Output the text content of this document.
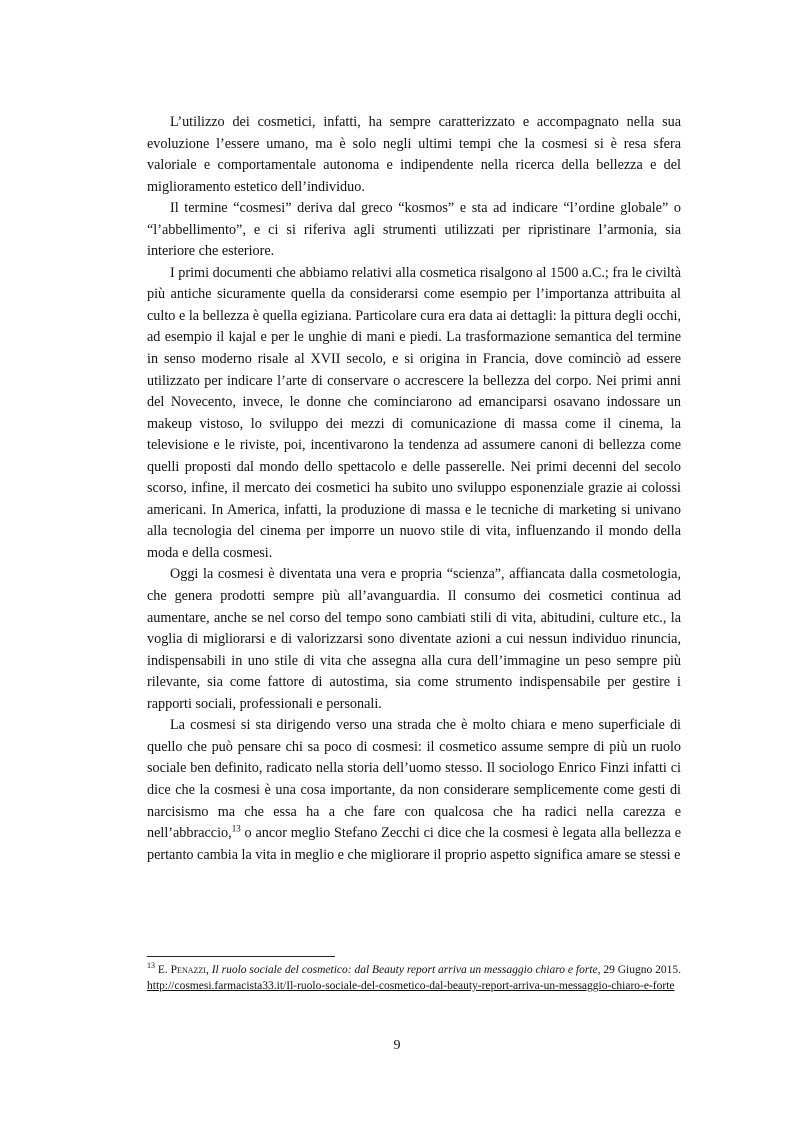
L’utilizzo dei cosmetici, infatti, ha sempre caratterizzato e accompagnato nella sua evoluzione l’essere umano, ma è solo negli ultimi tempi che la cosmesi si è resa sfera valoriale e comportamentale autonoma e indipendente nella ricerca della bellezza e del miglioramento estetico dell’individuo.

Il termine “cosmesi” deriva dal greco “kosmos” e sta ad indicare “l’ordine globale” o “l’abbellimento”, e ci si riferiva agli strumenti utilizzati per ripristinare l’armonia, sia interiore che esteriore.

I primi documenti che abbiamo relativi alla cosmetica risalgono al 1500 a.C.; fra le civiltà più antiche sicuramente quella da considerarsi come esempio per l’importanza attribuita al culto e la bellezza è quella egiziana. Particolare cura era data ai dettagli: la pittura degli occhi, ad esempio il kajal e per le unghie di mani e piedi. La trasformazione semantica del termine in senso moderno risale al XVII secolo, e si origina in Francia, dove cominciò ad essere utilizzato per indicare l’arte di conservare o accrescere la bellezza del corpo. Nei primi anni del Novecento, invece, le donne che cominciarono ad emanciparsi osavano indossare un makeup vistoso, lo sviluppo dei mezzi di comunicazione di massa come il cinema, la televisione e le riviste, poi, incentivarono la tendenza ad assumere canoni di bellezza come quelli proposti dal mondo dello spettacolo e delle passerelle. Nei primi decenni del secolo scorso, infine, il mercato dei cosmetici ha subito uno sviluppo esponenziale grazie ai colossi americani. In America, infatti, la produzione di massa e le tecniche di marketing si univano alla tecnologia del cinema per imporre un nuovo stile di vita, influenzando il mondo della moda e della cosmesi.

Oggi la cosmesi è diventata una vera e propria “scienza”, affiancata dalla cosmetologia, che genera prodotti sempre più all’avanguardia. Il consumo dei cosmetici continua ad aumentare, anche se nel corso del tempo sono cambiati stili di vita, abitudini, culture etc., la voglia di migliorarsi e di valorizzarsi sono diventate azioni a cui nessun individuo rinuncia, indispensabili in uno stile di vita che assegna alla cura dell’immagine un peso sempre più rilevante, sia come fattore di autostima, sia come strumento indispensabile per gestire i rapporti sociali, professionali e personali.

La cosmesi si sta dirigendo verso una strada che è molto chiara e meno superficiale di quello che può pensare chi sa poco di cosmesi: il cosmetico assume sempre di più un ruolo sociale ben definito, radicato nella storia dell’uomo stesso. Il sociologo Enrico Finzi infatti ci dice che la cosmesi è una cosa importante, da non considerare semplicemente come gesti di narcisismo ma che essa ha a che fare con qualcosa che ha radici nella carezza e nell’abbraccio,$^{13}$ o ancor meglio Stefano Zecchi ci dice che la cosmesi è legata alla bellezza e pertanto cambia la vita in meglio e che migliorare il proprio aspetto significa amare se stessi e

$^{13}$ E. Penazzi, Il ruolo sociale del cosmetico: dal Beauty report arriva un messaggio chiaro e forte, 29 Giugno 2015. http://cosmesi.farmacista33.it/Il-ruolo-sociale-del-cosmetico-dal-beauty-report-arriva-un-messaggio-chiaro-e-forte
9
